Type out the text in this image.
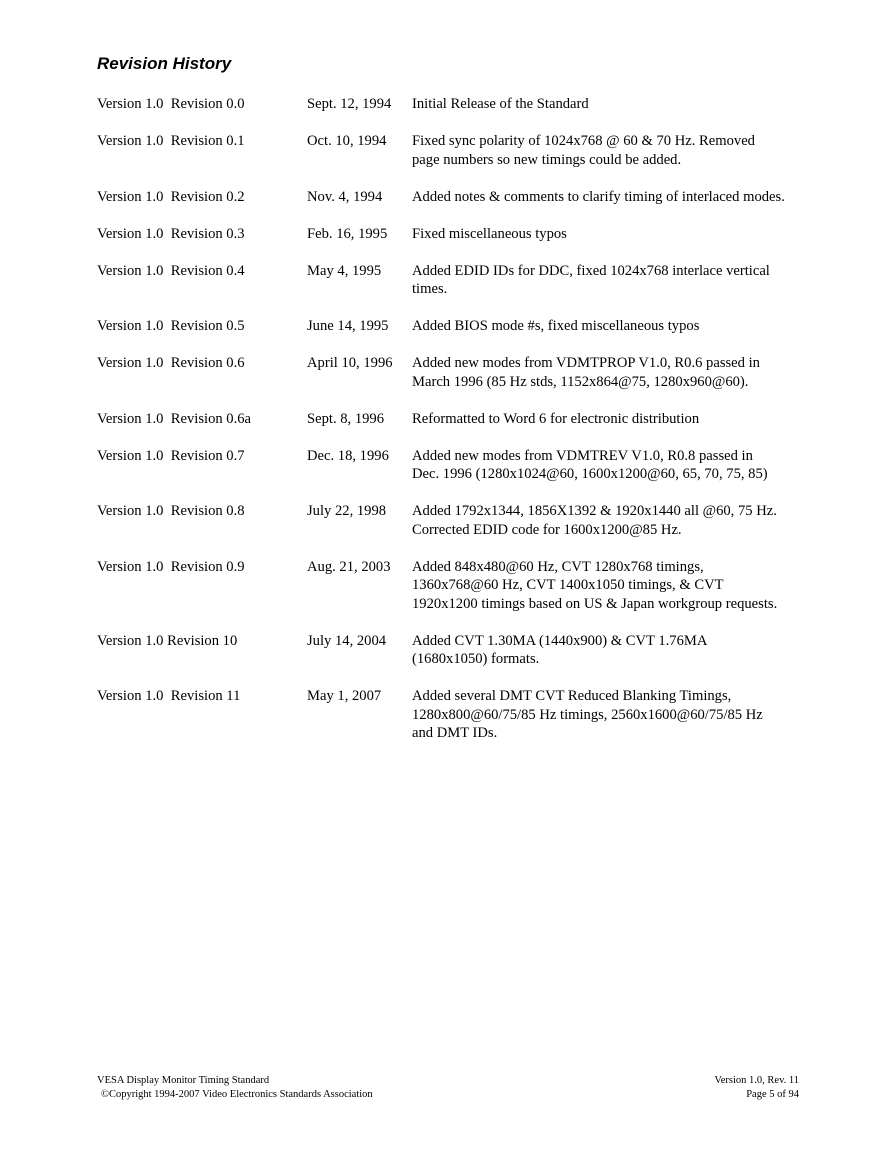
Revision History
Version 1.0  Revision 0.0	Sept. 12, 1994 Initial Release of the Standard
Version 1.0  Revision 0.1	Oct. 10, 1994 Fixed sync polarity of 1024x768 @ 60 & 70 Hz. Removed
page numbers so new timings could be added.
Version 1.0  Revision 0.2	Nov. 4, 1994 Added notes & comments to clarify timing of interlaced modes.
Version 1.0  Revision 0.3	Feb. 16, 1995 Fixed miscellaneous typos
Version 1.0  Revision 0.4	May 4, 1995 Added EDID IDs for DDC, fixed 1024x768 interlace vertical
times.
Version 1.0  Revision 0.5	June 14, 1995 Added BIOS mode #s, fixed miscellaneous typos
Version 1.0  Revision 0.6	April 10, 1996 Added new modes from VDMTPROP V1.0, R0.6 passed in
March 1996 (85 Hz stds, 1152x864@75, 1280x960@60).
Version 1.0  Revision 0.6a	Sept. 8, 1996 Reformatted to Word 6 for electronic distribution
Version 1.0  Revision 0.7	Dec. 18, 1996 Added new modes from VDMTREV V1.0, R0.8 passed in
Dec. 1996 (1280x1024@60, 1600x1200@60, 65, 70, 75, 85)
Version 1.0  Revision 0.8	July 22, 1998 Added 1792x1344, 1856X1392 & 1920x1440 all @60, 75 Hz.
Corrected EDID code for 1600x1200@85 Hz.
Version 1.0  Revision 0.9	Aug. 21, 2003 Added 848x480@60 Hz, CVT 1280x768 timings,
1360x768@60 Hz, CVT 1400x1050 timings, & CVT
1920x1200 timings based on US & Japan workgroup requests.
Version 1.0 Revision 10	July 14, 2004 Added CVT 1.30MA (1440x900) & CVT 1.76MA
(1680x1050) formats.
Version 1.0  Revision 11	May 1, 2007 Added several DMT CVT Reduced Blanking Timings,
1280x800@60/75/85 Hz timings, 2560x1600@60/75/85 Hz
and DMT IDs.
VESA Display Monitor Timing Standard
©Copyright 1994-2007 Video Electronics Standards Association
Version 1.0, Rev. 11
Page 5 of 94
